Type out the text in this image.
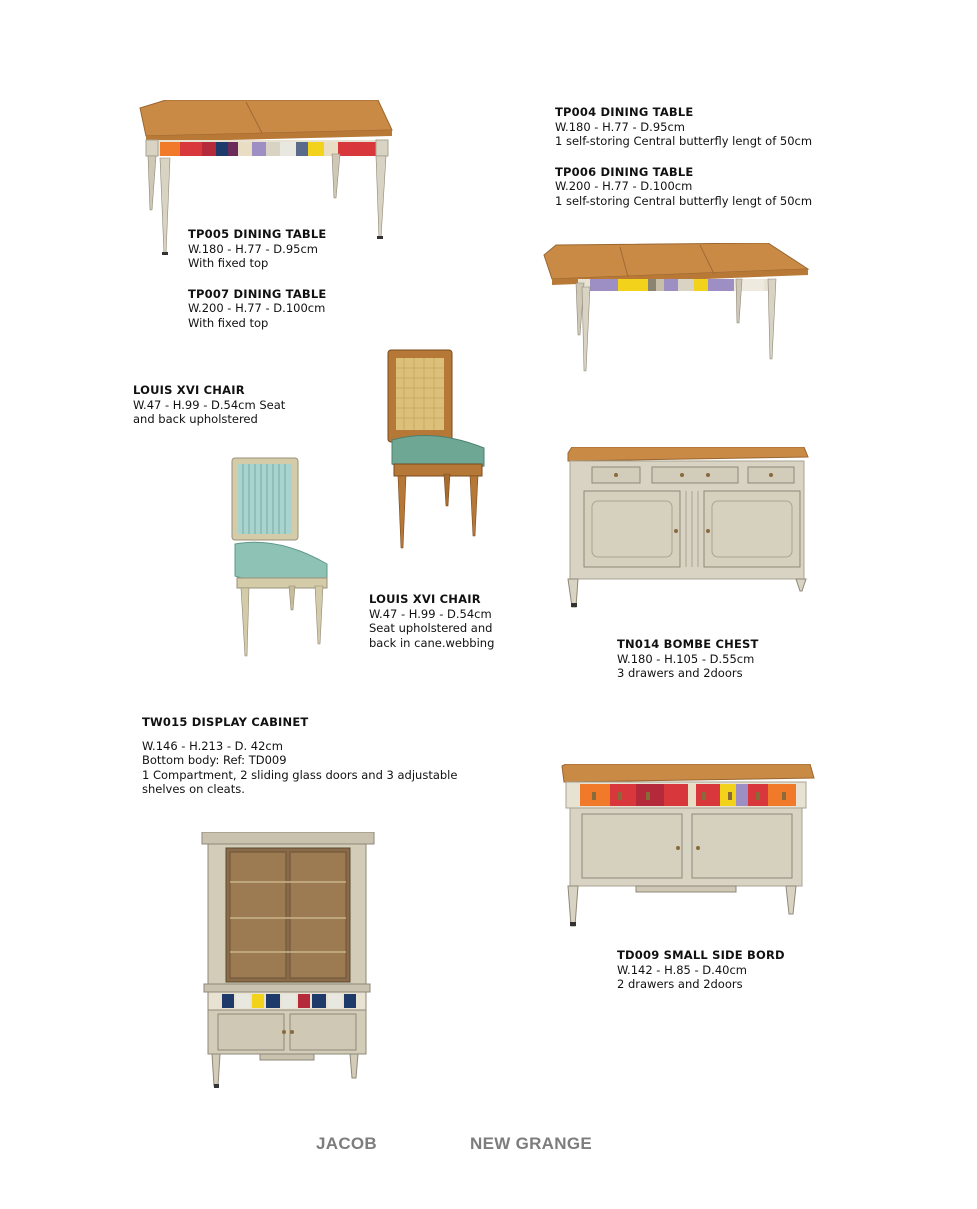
TP005 DINING TABLE
W.180 - H.77 - D.95cm
With fixed top
TP007 DINING TABLE
W.200 - H.77 - D.100cm
With fixed top
TP004 DINING TABLE
W.180 - H.77 - D.95cm
1 self-storing Central butterfly lengt of 50cm
TP006 DINING TABLE
W.200 - H.77 - D.100cm
1 self-storing Central butterfly lengt of 50cm
LOUIS XVI CHAIR
W.47 - H.99 - D.54cm Seat
and back upholstered
LOUIS XVI CHAIR
W.47 - H.99 - D.54cm
Seat upholstered and
back in cane.webbing	TN014 BOMBE CHEST
W.180 - H.105 - D.55cm
3 drawers and 2doors
TW015 DISPLAY CABINET
W.146 - H.213 - D. 42cm
Bottom body: Ref: TD009
1 Compartment, 2 sliding glass doors and 3 adjustable
shelves on cleats.
TD009 SMALL SIDE BORD
W.142 - H.85 - D.40cm
2 drawers and 2doors
JACOB	NEW GRANGE
